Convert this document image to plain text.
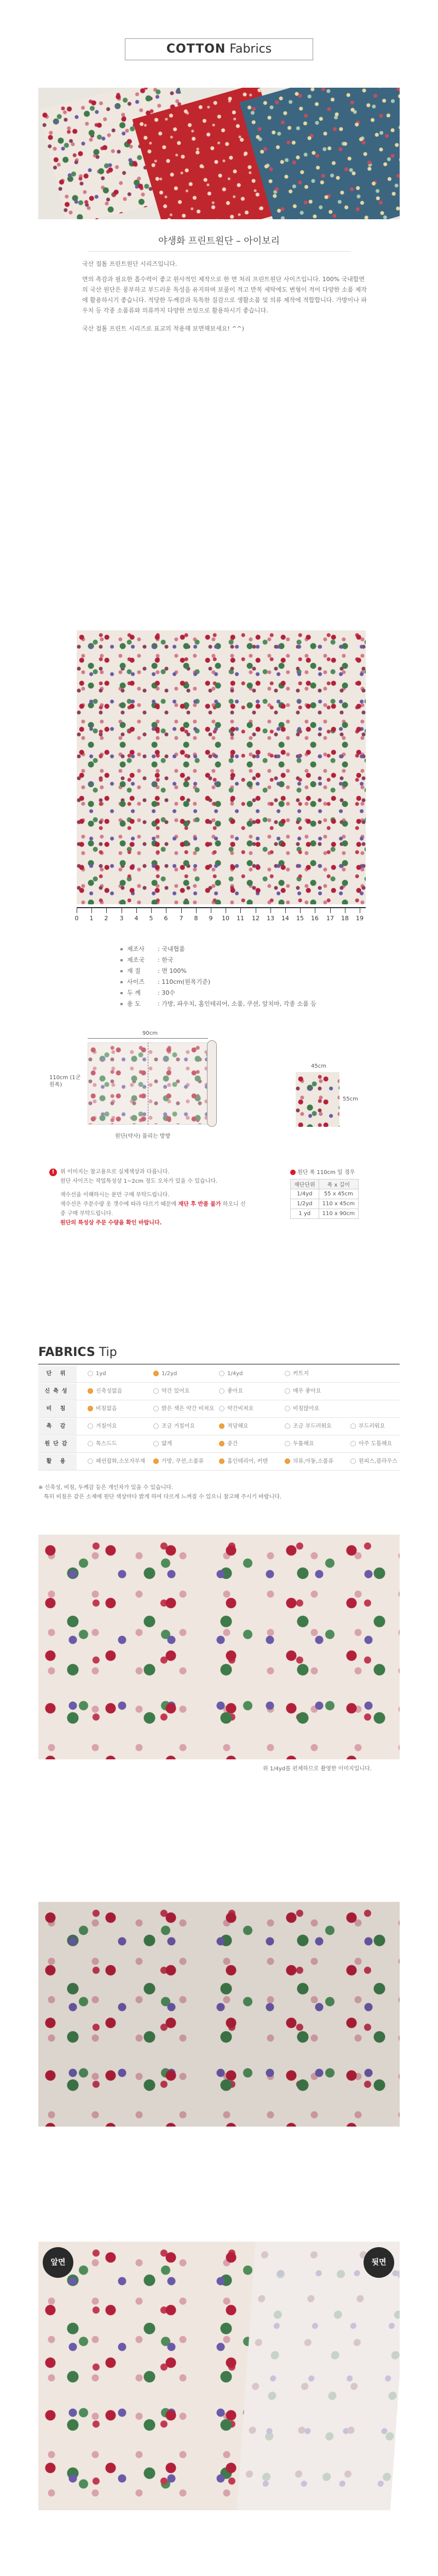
COTTON Fabrics
야생화 프린트원단 – 아이보리
국산 접톰 프린트원단 시리즈입니다.
면의 촉감과 필요한 흡수력이 좋고 원사적인 제작으로 한 면 처리 프린트원단 사이즈입니다. 100% 국내합면의 국산 원단은 풍부하고 부드러운 특성을 유지하며 보풀이 적고 반복 세탁에도 변형이 적어 다양한 소품 제작에 활용하시기 좋습니다. 적당한 두께감과 독특한 질감으로 생활소품 및 의류 제작에 적합합니다. 가방이나 파우치 등 각종 소품류와 의류까지 다양한 쓰임으로 활용하시기 좋습니다.
국산 접톰 프린트 시리즈로 표교의 착용해 보면해보세요! ^^)
0	1	2	3	4	5	6	7	8	9	10 11 12 13 14 15 16 17 18 19
제조사 : 국내협품
제조국 : 한국
재 질	: 면 100%
사이즈 : 110cm(원폭기준)
두 께	: 30수
용 도	: 가방, 파우치, 홈인테리어, 소품, 쿠션, 앞치마, 각종 소품 등
90cm
110cm (1군 원폭)
원단(약사) 풀리는 방향
45cm
55cm
!	위 이미지는 참고용으로 실제색상과 다릅니다.
원단 사이즈는 작업특성상 1~2cm 정도 오차가 있을 수 있습니다.
색수선을 이해하시는 분만 구매 부탁드립니다.
색수선은 주문수량 옷 갯수에 따라 다르기 때문에 재단 후 반품 불가 하오니 신중 구매 부탁드립니다.
원단의 특성상 주문 수량을 확인 바랍니다.
원단 폭 110cm 일 경우
재단단위	폭 x 길이
1/4yd	55 x 45cm
1/2yd	110 x 45cm
1 yd	110 x 90cm
FABRICS Tip
단 위	1yd	1/2yd	1/4yd	커트지
신축성	신축성없음	약간 있어요	좋아요	매우 좋아요
비 침	비침없음	밝은 색은 약간 비쳐요	약간비쳐요	비침많아요
촉 감	거칠어요	조금 거칠어요	적당해요	조금 부드러워요	부드러워요
원단감	톡스드드	얇게	중간	두툼해요	아주 도톰해요
활 용	패션잡화,소모자부재	가방, 쿠션,소품류	홈인테리어, 커텐	의류,아동,소품류	원피스,블라우스
※ 신축성, 비침, 두께감 등은 개인차가 있을 수 있습니다.
특히 비침은 같은 소재에 원단 색상마다 밝게 하여 다르게 느껴질 수 있으니 참고해 주시기 바랍니다.
위 1/4yd를 펀체하므로 촬영한 이미지입니다.
앞면	뒷면
